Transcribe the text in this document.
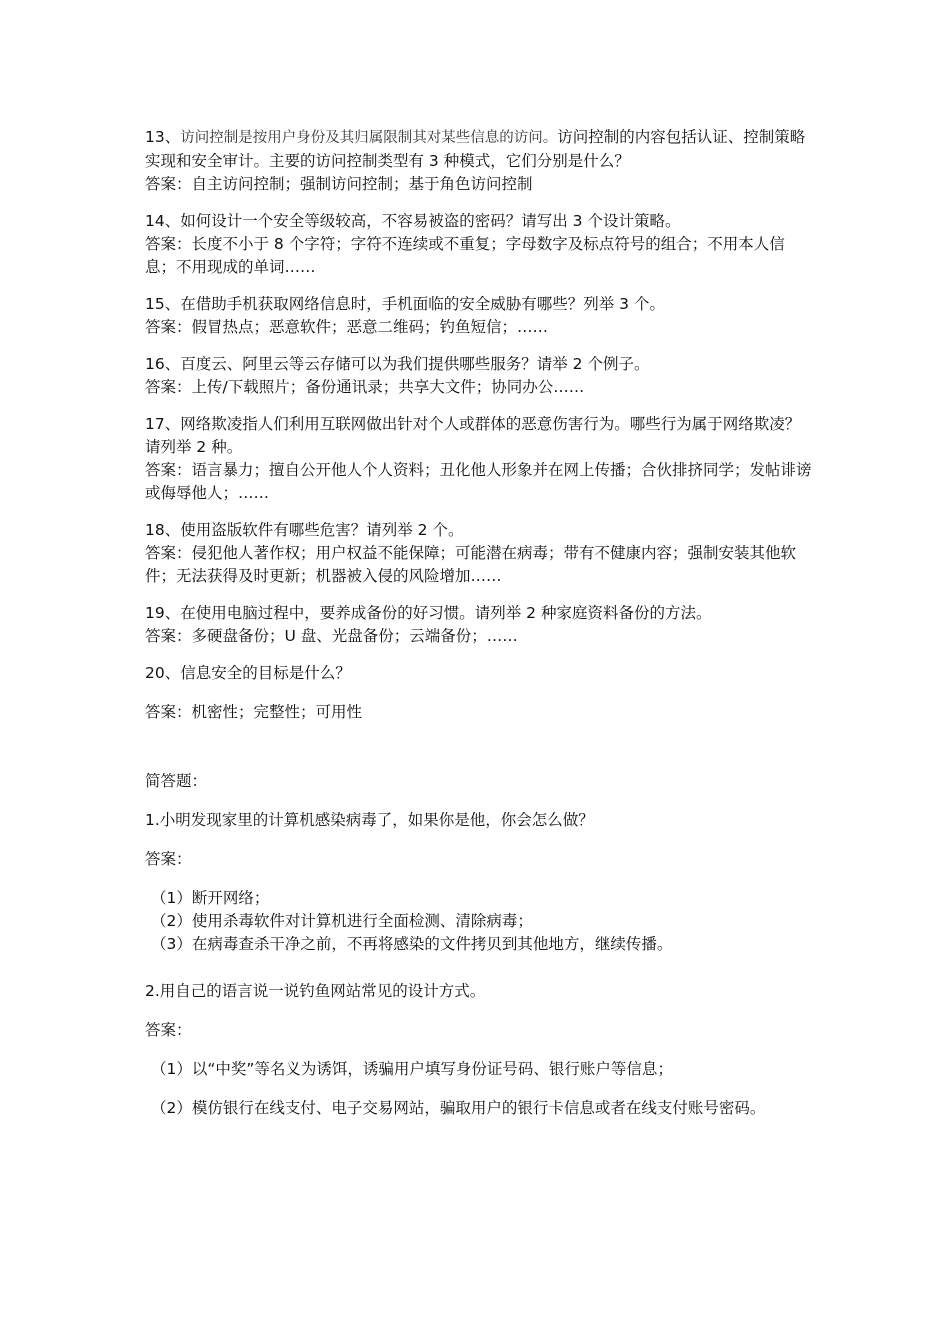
13、访问控制是按用户身份及其归属限制其对某些信息的访问。访问控制的内容包括认证、控制策略实现和安全审计。主要的访问控制类型有 3 种模式，它们分别是什么？

答案：自主访问控制；强制访问控制；基于角色访问控制

14、如何设计一个安全等级较高，不容易被盗的密码？请写出 3 个设计策略。

答案：长度不小于 8 个字符；字符不连续或不重复；字母数字及标点符号的组合；不用本人信息；不用现成的单词……

15、在借助手机获取网络信息时，手机面临的安全威胁有哪些？列举 3 个。

答案：假冒热点；恶意软件；恶意二维码；钓鱼短信；……

16、百度云、阿里云等云存储可以为我们提供哪些服务？请举 2 个例子。

答案：上传/下载照片；备份通讯录；共享大文件；协同办公……

17、网络欺凌指人们利用互联网做出针对个人或群体的恶意伤害行为。哪些行为属于网络欺凌？请列举 2 种。

答案：语言暴力；擅自公开他人个人资料；丑化他人形象并在网上传播；合伙排挤同学；发帖诽谤或侮辱他人；……

18、使用盗版软件有哪些危害？请列举 2 个。

答案：侵犯他人著作权；用户权益不能保障；可能潜在病毒；带有不健康内容；强制安装其他软件；无法获得及时更新；机器被入侵的风险增加……

19、在使用电脑过程中，要养成备份的好习惯。请列举 2 种家庭资料备份的方法。

答案：多硬盘备份；U 盘、光盘备份；云端备份；……

20、信息安全的目标是什么？

答案：机密性；完整性；可用性

简答题：

1.小明发现家里的计算机感染病毒了，如果你是他，你会怎么做？

答案：

（1）断开网络；

（2）使用杀毒软件对计算机进行全面检测、清除病毒；

（3）在病毒查杀干净之前，不再将感染的文件拷贝到其他地方，继续传播。

2.用自己的语言说一说钓鱼网站常见的设计方式。

答案：

（1）以“中奖”等名义为诱饵，诱骗用户填写身份证号码、银行账户等信息；

（2）模仿银行在线支付、电子交易网站，骗取用户的银行卡信息或者在线支付账号密码。
